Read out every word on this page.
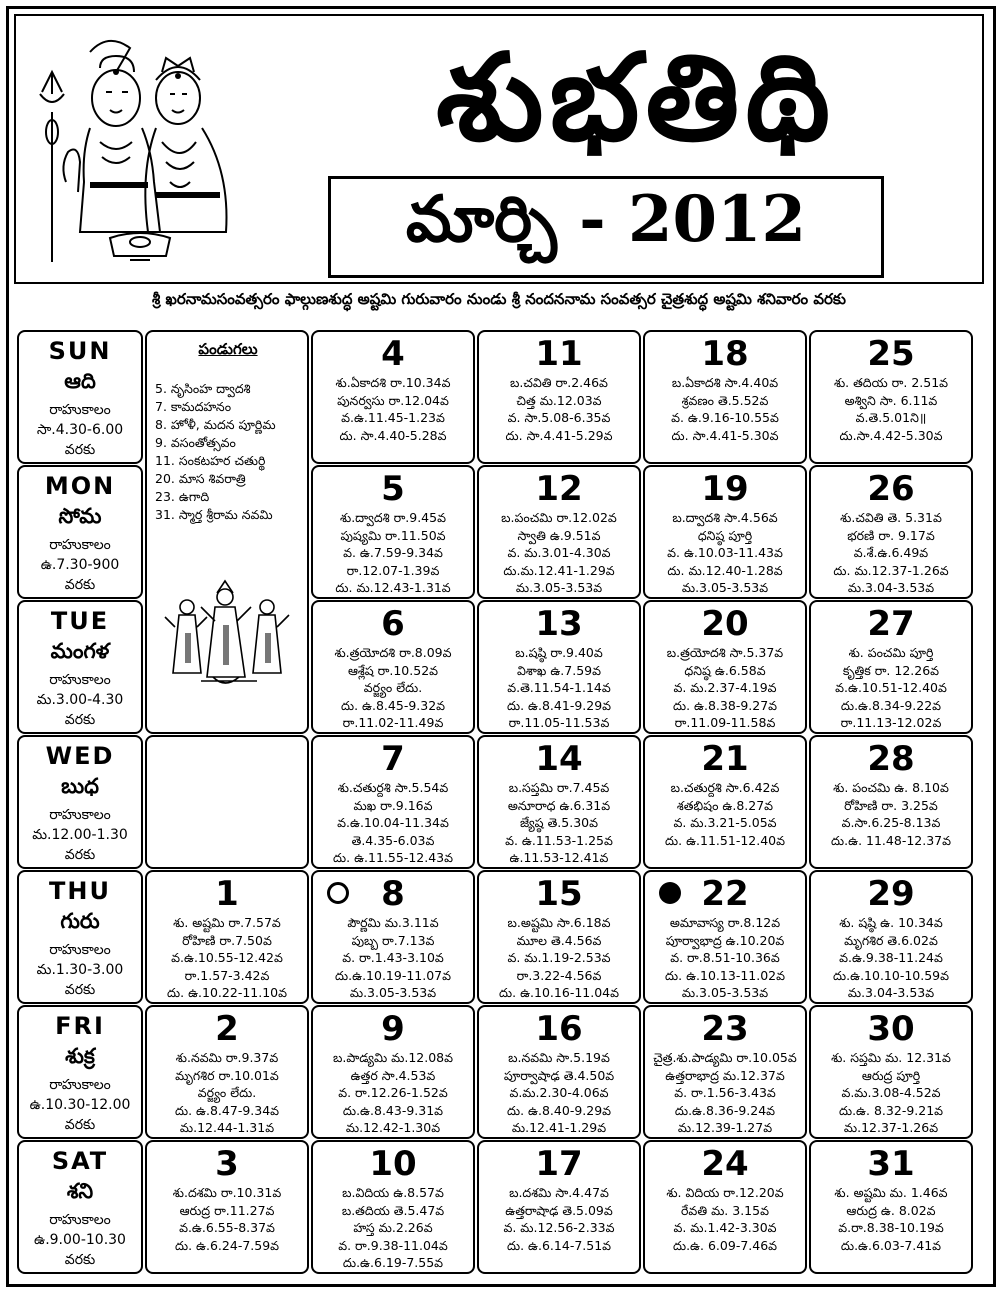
శుభతిథి
మార్చి - 2012
శ్రీ ఖరనామసంవత్సరం ఫాల్గుణశుద్ధ అష్టమి గురువారం నుండు శ్రీ నందననామ సంవత్సర చైత్రశుద్ధ అష్టమి శనివారం వరకు
SUN
ఆది
రాహుకాలం
సా.4.30-6.00
వరకు
MON
సోమ
రాహుకాలం
ఉ.7.30-900
వరకు
TUE
మంగళ
రాహుకాలం
మ.3.00-4.30
వరకు
WED
బుధ
రాహుకాలం
మ.12.00-1.30
వరకు
THU
గురు
రాహుకాలం
మ.1.30-3.00
వరకు
FRI
శుక్ర
రాహుకాలం
ఉ.10.30-12.00
వరకు
SAT
శని
రాహుకాలం
ఉ.9.00-10.30
వరకు
పండుగలు
5. నృసింహ ద్వాదశి
7. కామదహనం
8. హోళీ, మదన పూర్ణిమ
9. వసంతోత్సవం
11. సంకటహర చతుర్థి
20. మాస శివరాత్రి
23. ఉగాది
31. స్మార్త శ్రీరామ నవమి
4
శు.ఏకాదశి రా.10.34వ
పునర్వసు రా.12.04వ
వ.ఉ.11.45-1.23వ
దు. సా.4.40-5.28వ
11
బ.చవితి రా.2.46వ
చిత్త మ.12.03వ
వ. సా.5.08-6.35వ
దు. సా.4.41-5.29వ
18
బ.ఏకాదశి సా.4.40వ
శ్రవణం తె.5.52వ
వ. ఉ.9.16-10.55వ
దు. సా.4.41-5.30వ
25
శు. తదియ రా. 2.51వ
అశ్విని సా. 6.11వ
వ.తె.5.01ని॥
దు.సా.4.42-5.30వ
5
శు.ద్వాదశి రా.9.45వ
పుష్యమి రా.11.50వ
వ. ఉ.7.59-9.34వ
రా.12.07-1.39వ
దు. మ.12.43-1.31వ
12
బ.పంచమి రా.12.02వ
స్వాతి ఉ.9.51వ
వ. మ.3.01-4.30వ
దు.మ.12.41-1.29వ
మ.3.05-3.53వ
19
బ.ద్వాదశి సా.4.56వ
ధనిష్ఠ పూర్తి
వ. ఉ.10.03-11.43వ
దు. మ.12.40-1.28వ
మ.3.05-3.53వ
26
శు.చవితి తె. 5.31వ
భరణి రా. 9.17వ
వ.శే.ఉ.6.49వ
దు. మ.12.37-1.26వ
మ.3.04-3.53వ
6
శు.త్రయోదశి రా.8.09వ
ఆశ్లేష రా.10.52వ
వర్జ్యం లేదు.
దు. ఉ.8.45-9.32వ
రా.11.02-11.49వ
13
బ.షష్ఠి రా.9.40వ
విశాఖ ఉ.7.59వ
వ.తె.11.54-1.14వ
దు. ఉ.8.41-9.29వ
రా.11.05-11.53వ
20
బ.త్రయోదశి సా.5.37వ
ధనిష్ఠ ఉ.6.58వ
వ. మ.2.37-4.19వ
దు. ఉ.8.38-9.27వ
రా.11.09-11.58వ
27
శు. పంచమి పూర్తి
కృత్తిక రా. 12.26వ
వ.ఉ.10.51-12.40వ
దు.ఉ.8.34-9.22వ
రా.11.13-12.02వ
7
శు.చతుర్దశి సా.5.54వ
మఖ రా.9.16వ
వ.ఉ.10.04-11.34వ
తె.4.35-6.03వ
దు. ఉ.11.55-12.43వ
14
బ.సప్తమి రా.7.45వ
అనూరాధ ఉ.6.31వ
జ్యేష్ఠ తె.5.30వ
వ. ఉ.11.53-1.25వ
ఉ.11.53-12.41వ
21
బ.చతుర్దశి సా.6.42వ
శతభిషం ఉ.8.27వ
వ. మ.3.21-5.05వ
దు. ఉ.11.51-12.40వ
28
శు. పంచమి ఉ. 8.10వ
రోహిణి రా. 3.25వ
వ.సా.6.25-8.13వ
దు.ఉ. 11.48-12.37వ
1
శు. అష్టమి రా.7.57వ
రోహిణి రా.7.50వ
వ.ఉ.10.55-12.42వ
రా.1.57-3.42వ
దు. ఉ.10.22-11.10వ
8
పౌర్ణమి మ.3.11వ
పుబ్బ రా.7.13వ
వ. రా.1.43-3.10వ
దు.ఉ.10.19-11.07వ
మ.3.05-3.53వ
15
బ.అష్టమి సా.6.18వ
మూల తె.4.56వ
వ. మ.1.19-2.53వ
రా.3.22-4.56వ
దు. ఉ.10.16-11.04వ
22
అమావాస్య రా.8.12వ
పూర్వాభాద్ర ఉ.10.20వ
వ. రా.8.51-10.36వ
దు. ఉ.10.13-11.02వ
మ.3.05-3.53వ
29
శు. షష్ఠి ఉ. 10.34వ
మృగశిర తె.6.02వ
వ.ఉ.9.38-11.24వ
దు.ఉ.10.10-10.59వ
మ.3.04-3.53వ
2
శు.నవమి రా.9.37వ
మృగశిర రా.10.01వ
వర్జ్యం లేదు.
దు. ఉ.8.47-9.34వ
మ.12.44-1.31వ
9
బ.పాడ్యమి మ.12.08వ
ఉత్తర సా.4.53వ
వ. రా.12.26-1.52వ
దు.ఉ.8.43-9.31వ
మ.12.42-1.30వ
16
బ.నవమి సా.5.19వ
పూర్వాషాఢ తె.4.50వ
వ.మ.2.30-4.06వ
దు. ఉ.8.40-9.29వ
మ.12.41-1.29వ
23
చైత్ర.శు.పాడ్యమి రా.10.05వ
ఉత్తరాభాద్ర మ.12.37వ
వ. రా.1.56-3.43వ
దు.ఉ.8.36-9.24వ
మ.12.39-1.27వ
30
శు. సప్తమి మ. 12.31వ
ఆరుద్ర పూర్తి
వ.మ.3.08-4.52వ
దు.ఉ. 8.32-9.21వ
మ.12.37-1.26వ
3
శు.దశమి రా.10.31వ
ఆరుద్ర రా.11.27వ
వ.ఉ.6.55-8.37వ
దు. ఉ.6.24-7.59వ
10
బ.విదియ ఉ.8.57వ
బ.తదియ తె.5.47వ
హస్త మ.2.26వ
వ. రా.9.38-11.04వ
దు.ఉ.6.19-7.55వ
17
బ.దశమి సా.4.47వ
ఉత్తరాషాఢ తె.5.09వ
వ. మ.12.56-2.33వ
దు. ఉ.6.14-7.51వ
24
శు. విదియ రా.12.20వ
రేవతి మ. 3.15వ
వ. మ.1.42-3.30వ
దు.ఉ. 6.09-7.46వ
31
శు. అష్టమి మ. 1.46వ
ఆరుద్ర ఉ. 8.02వ
వ.రా.8.38-10.19వ
దు.ఉ.6.03-7.41వ
